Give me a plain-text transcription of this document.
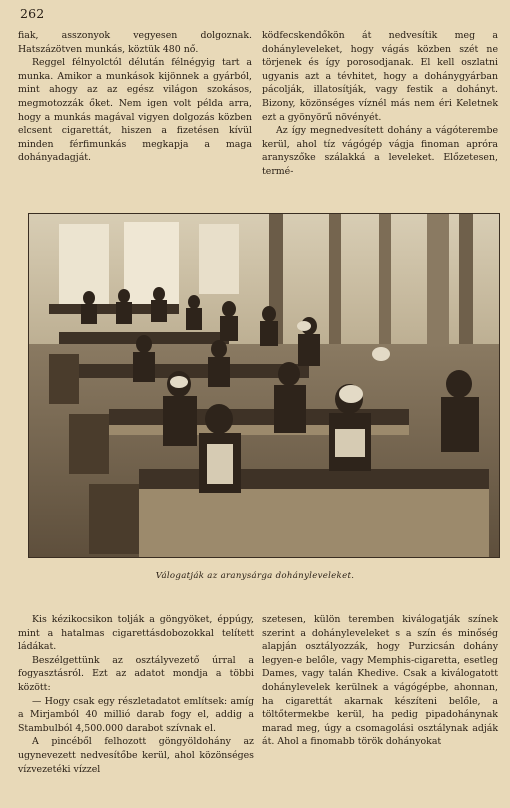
262

fiak, asszonyok vegyesen dolgoznak. Hatszázötven munkás, köztük 480 nő.

Reggel félnyolctól délután félnégyig tart a munka. Amikor a munkások kijönnek a gyárból, mint ahogy az az egész világon szokásos, megmotozzák őket. Nem igen volt példa arra, hogy a munkás magával vigyen dolgozás közben elcsent cigarettát, hiszen a fizetésen kívül minden férfimunkás megkapja a maga dohányadagját.

ködfecskendőkön át nedvesítik meg a dohányleveleket, hogy vágás közben szét ne törjenek és így porosodjanak. El kell oszlatni ugyanis azt a tévhitet, hogy a dohánygyárban pácolják, illatosítják, vagy festik a dohányt. Bizony, közönséges víznél más nem éri Keletnek ezt a gyönyörű növényét.

Az így megnedvesített dohány a vágóterembe kerül, ahol tíz vágógép vágja finoman apróra aranyszőke szálakká a leveleket. Előzetesen, termé-

Válogatják az aranysárga dohányleveleket.

Kis kézikocsikon tolják a göngyöket, éppúgy, mint a hatalmas cigarettásdobozokkal telített ládákat.

Beszélgettünk az osztályvezető úrral a fogyasztásról. Ezt az adatot mondja a többi között:

— Hogy csak egy részletadatot említsek: amíg a Mirjamból 40 millió darab fogy el, addig a Stambulból 4,500.000 darabot szívnak el.

A pincéből felhozott göngyöldohány az ugynevezett nedvesítőbe kerül, ahol közönséges vízvezetéki vízzel

szetesen, külön teremben kiválogatják színek szerint a dohányleveleket s a szín és minőség alapján osztályozzák, hogy Purzicsán dohány legyen-e belőle, vagy Memphis-cigaretta, esetleg Dames, vagy talán Khedive. Csak a kiválogatott dohánylevelek kerülnek a vágógépbe, ahonnan, ha cigarettát akarnak készíteni belőle, a töltőtermekbe kerül, ha pedig pipadohánynak marad meg, úgy a csomagolási osztálynak adják át. Ahol a finomabb török dohányokat
